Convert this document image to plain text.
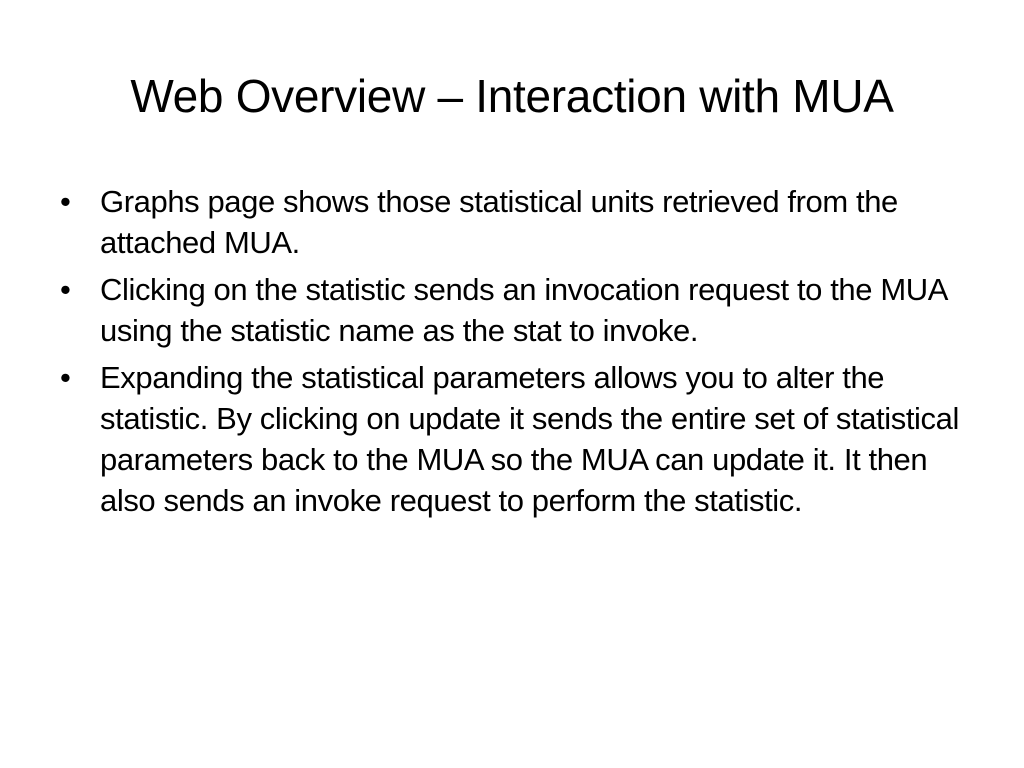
Web Overview – Interaction with MUA
• Graphs page shows those statistical units retrieved from the attached MUA.
• Clicking on the statistic sends an invocation request to the MUA using the statistic name as the stat to invoke.
• Expanding the statistical parameters allows you to alter the statistic. By clicking on update it sends the entire set of statistical parameters back to the MUA so the MUA can update it. It then also sends an invoke request to perform the statistic.
